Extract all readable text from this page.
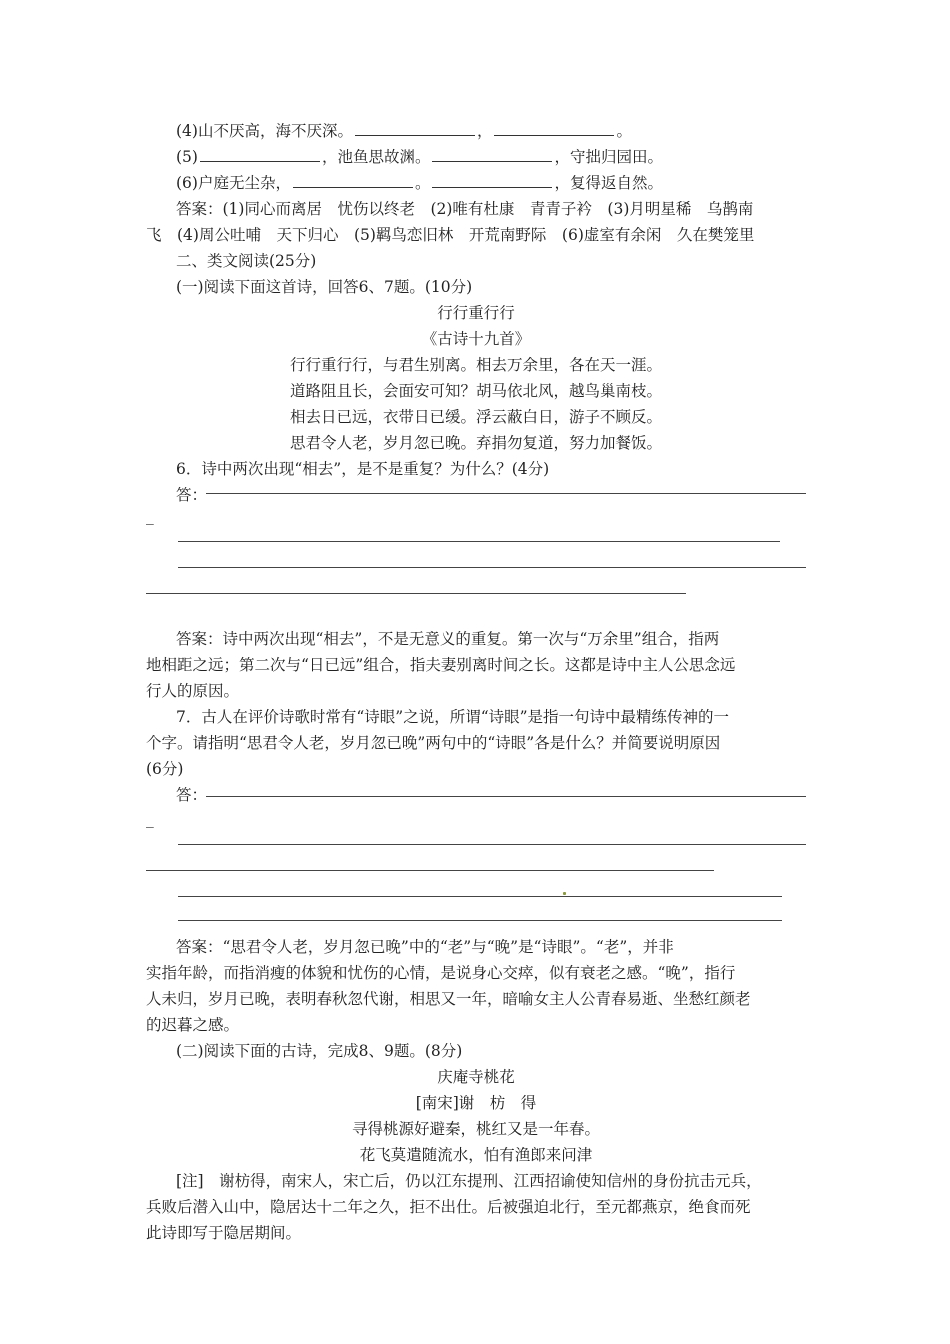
(4)山不厌高，海不厌深。	，	。
(5)	，池鱼思故渊。	，守拙归园田。
(6)户庭无尘杂，	。	，复得返自然。
答案：(1)同心而离居　忧伤以终老　(2)唯有杜康　青青子衿　(3)月明星稀　乌鹊南
飞　(4)周公吐哺　天下归心　(5)羁鸟恋旧林　开荒南野际　(6)虚室有余闲　久在樊笼里
二、类文阅读(25分)
(一)阅读下面这首诗，回答6、7题。(10分)
行行重行行
《古诗十九首》
行行重行行，与君生别离。相去万余里，各在天一涯。
道路阻且长，会面安可知？胡马依北风，越鸟巢南枝。
相去日已远，衣带日已缓。浮云蔽白日，游子不顾反。
思君令人老，岁月忽已晚。弃捐勿复道，努力加餐饭。
6．诗中两次出现“相去”，是不是重复？为什么？(4分)
答：
_
答案：诗中两次出现“相去”，不是无意义的重复。第一次与“万余里”组合，指两
地相距之远；第二次与“日已远”组合，指夫妻别离时间之长。这都是诗中主人公思念远
行人的原因。
7．古人在评价诗歌时常有“诗眼”之说，所谓“诗眼”是指一句诗中最精练传神的一
个字。请指明“思君令人老，岁月忽已晚”两句中的“诗眼”各是什么？并简要说明原因
(6分)
答：
_
答案：“思君令人老，岁月忽已晚”中的“老”与“晚”是“诗眼”。“老”，并非
实指年龄，而指消瘦的体貌和忧伤的心情，是说身心交瘁，似有衰老之感。“晚”，指行
人未归，岁月已晚，表明春秋忽代谢，相思又一年，暗喻女主人公青春易逝、坐愁红颜老
的迟暮之感。
(二)阅读下面的古诗，完成8、9题。(8分)
庆庵寺桃花
[南宋]谢　枋　得
寻得桃源好避秦，桃红又是一年春。
花飞莫遣随流水，怕有渔郎来问津
[注]　谢枋得，南宋人，宋亡后，仍以江东提刑、江西招谕使知信州的身份抗击元兵，
兵败后潜入山中，隐居达十二年之久，拒不出仕。后被强迫北行，至元都燕京，绝食而死
此诗即写于隐居期间。
